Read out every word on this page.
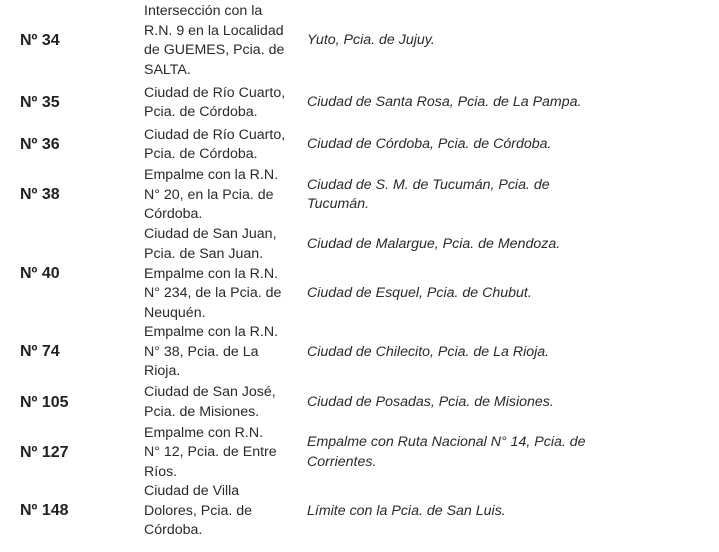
Nº 34	Intersección con la
R.N. 9 en la Localidad
de GUEMES, Pcia. de
SALTA.	Yuto, Pcia. de Jujuy.

Nº 35	Ciudad de Río Cuarto,
Pcia. de Córdoba.	Ciudad de Santa Rosa, Pcia. de La Pampa.

Nº 36	Ciudad de Río Cuarto,
Pcia. de Córdoba.	Ciudad de Córdoba, Pcia. de Córdoba.

Nº 38	Empalme con la R.N.
N° 20, en la Pcia. de
Córdoba.	Ciudad de S. M. de Tucumán, Pcia. de
Tucumán.

Nº 40	Ciudad de San Juan,
Pcia. de San Juan.	Ciudad de Malargue, Pcia. de Mendoza.

	Empalme con la R.N.
N° 234, de la Pcia. de
Neuquén.	Ciudad de Esquel, Pcia. de Chubut.

Nº 74	Empalme con la R.N.
N° 38, Pcia. de La
Rioja.	Ciudad de Chilecito, Pcia. de La Rioja.

Nº 105	Ciudad de San José,
Pcia. de Misiones.	Ciudad de Posadas, Pcia. de Misiones.

Nº 127	Empalme con R.N.
N° 12, Pcia. de Entre
Ríos.	Empalme con Ruta Nacional N° 14, Pcia. de
Corrientes.

Nº 148	Ciudad de Villa
Dolores, Pcia. de
Córdoba.	Límite con la Pcia. de San Luis.
